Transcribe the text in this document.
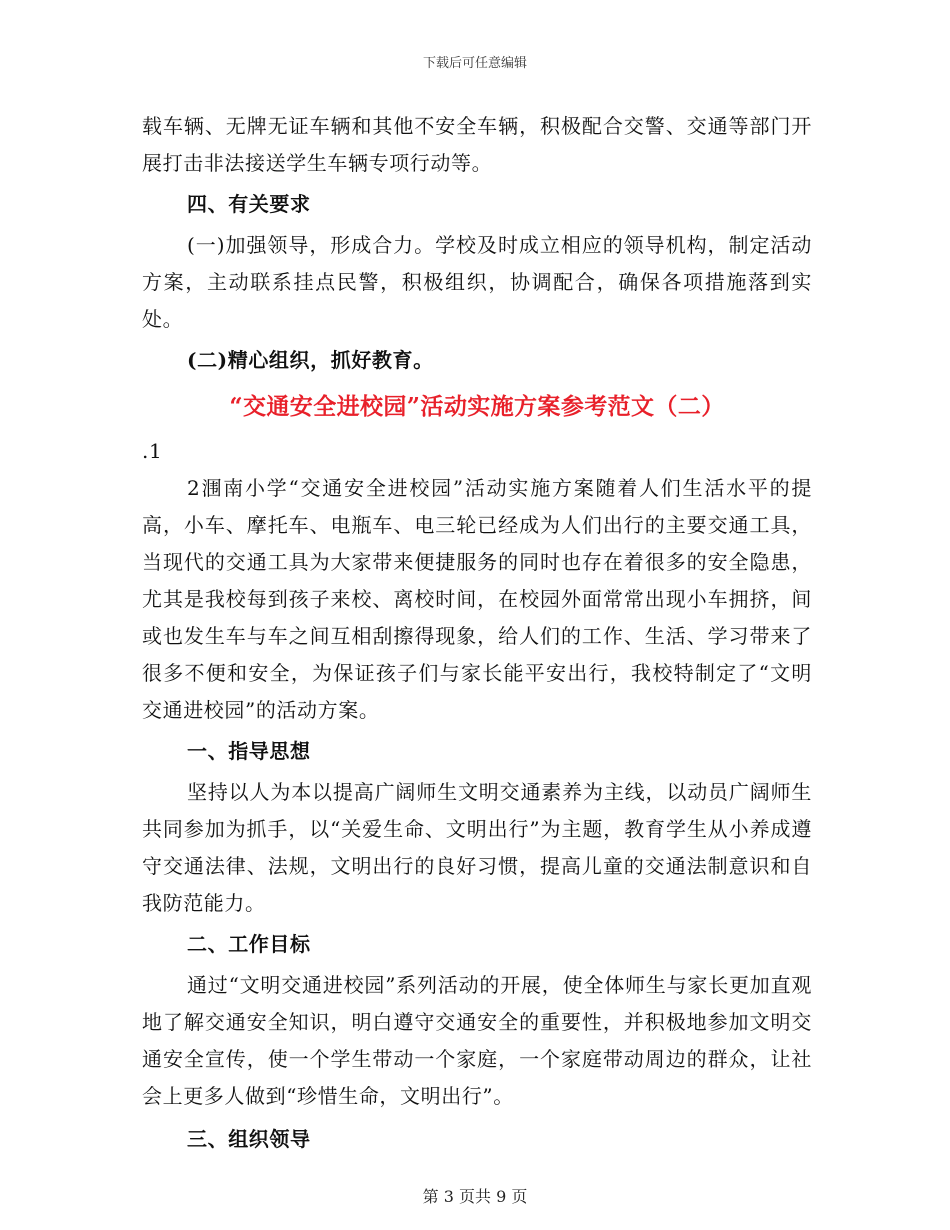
下载后可任意编辑

载车辆、无牌无证车辆和其他不安全车辆，积极配合交警、交通等部门开展打击非法接送学生车辆专项行动等。

四、有关要求

(一)加强领导，形成合力。学校及时成立相应的领导机构，制定活动方案，主动联系挂点民警，积极组织，协调配合，确保各项措施落到实处。

(二)精心组织，抓好教育。

“交通安全进校园”活动实施方案参考范文（二）

.1

2涠南小学“交通安全进校园”活动实施方案随着人们生活水平的提高，小车、摩托车、电瓶车、电三轮已经成为人们出行的主要交通工具，当现代的交通工具为大家带来便捷服务的同时也存在着很多的安全隐患，尤其是我校每到孩子来校、离校时间，在校园外面常常出现小车拥挤，间或也发生车与车之间互相刮擦得现象，给人们的工作、生活、学习带来了很多不便和安全，为保证孩子们与家长能平安出行，我校特制定了“文明交通进校园”的活动方案。

一、指导思想

坚持以人为本以提高广阔师生文明交通素养为主线，以动员广阔师生共同参加为抓手，以“关爱生命、文明出行”为主题，教育学生从小养成遵守交通法律、法规，文明出行的良好习惯，提高儿童的交通法制意识和自我防范能力。

二、工作目标

通过“文明交通进校园”系列活动的开展，使全体师生与家长更加直观地了解交通安全知识，明白遵守交通安全的重要性，并积极地参加文明交通安全宣传，使一个学生带动一个家庭，一个家庭带动周边的群众，让社会上更多人做到“珍惜生命，文明出行”。

三、组织领导

第 3 页共 9 页
